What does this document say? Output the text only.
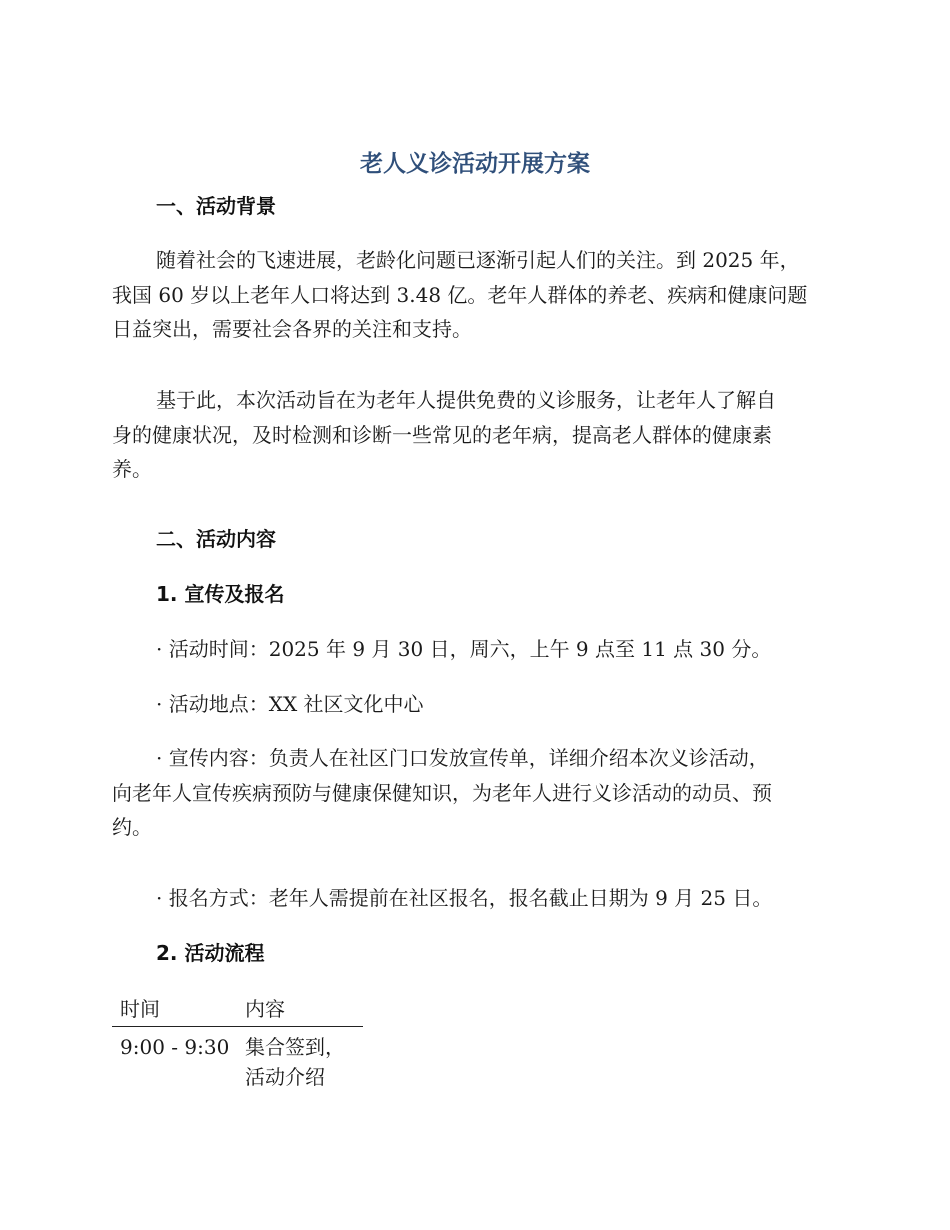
老人义诊活动开展方案
一、活动背景
随着社会的飞速进展，老龄化问题已逐渐引起人们的关注。到 2025 年，
我国 60 岁以上老年人口将达到 3.48 亿。老年人群体的养老、疾病和健康问题
日益突出，需要社会各界的关注和支持。
基于此，本次活动旨在为老年人提供免费的义诊服务，让老年人了解自
身的健康状况，及时检测和诊断一些常见的老年病，提高老人群体的健康素
养。
二、活动内容
1. 宣传及报名
· 活动时间：2025 年 9 月 30 日，周六，上午 9 点至 11 点 30 分。
· 活动地点：XX 社区文化中心
· 宣传内容：负责人在社区门口发放宣传单，详细介绍本次义诊活动，
向老年人宣传疾病预防与健康保健知识，为老年人进行义诊活动的动员、预
约。
· 报名方式：老年人需提前在社区报名，报名截止日期为 9 月 25 日。
2. 活动流程
时间	内容
9:00 - 9:30 集合签到，
活动介绍
